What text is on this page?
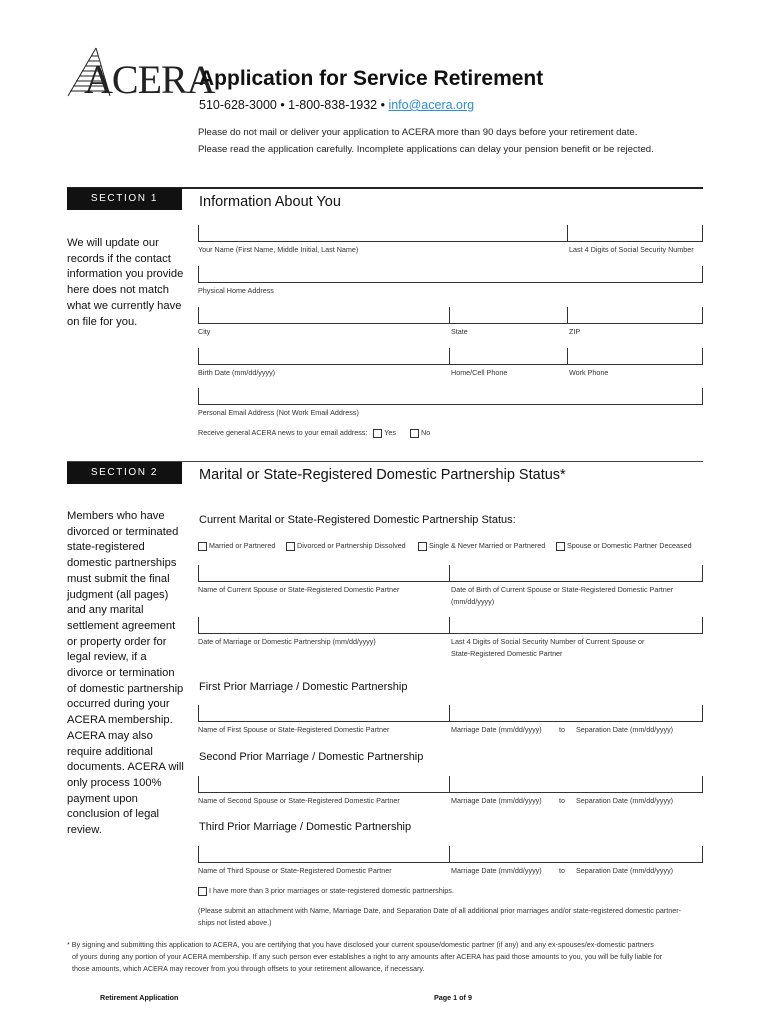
ACERA
Application for Service Retirement
510-628-3000 • 1-800-838-1932 • info@acera.org
Please do not mail or deliver your application to ACERA more than 90 days before your retirement date.
Please read the application carefully. Incomplete applications can delay your pension benefit or be rejected.
SECTION 1	Information About You
We will update our records if the contact information you provide here does not match what we currently have on file for you.
Your Name (First Name, Middle Initial, Last Name)	Last 4 Digits of Social Security Number
Physical Home Address
City	State	ZIP
Birth Date (mm/dd/yyyy)	Home/Cell Phone	Work Phone
Personal Email Address (Not Work Email Address)
Receive general ACERA news to your email address: Yes	No
SECTION 2	Marital or State-Registered Domestic Partnership Status*
Members who have divorced or terminated state-registered domestic partnerships must submit the final judgment (all pages) and any marital settlement agreement or property order for legal review, if a divorce or termination of domestic partnership occurred during your ACERA membership. ACERA may also require additional documents. ACERA will only process 100% payment upon conclusion of legal review.
Current Marital or State-Registered Domestic Partnership Status:
Married or Partnered	Divorced or Partnership Dissolved	Single & Never Married or Partnered	Spouse or Domestic Partner Deceased
Name of Current Spouse or State-Registered Domestic Partner	Date of Birth of Current Spouse or State-Registered Domestic Partner
(mm/dd/yyyy)
Date of Marriage or Domestic Partnership (mm/dd/yyyy)	Last 4 Digits of Social Security Number of Current Spouse or
State-Registered Domestic Partner
First Prior Marriage / Domestic Partnership
Name of First Spouse or State-Registered Domestic Partner	Marriage Date (mm/dd/yyyy) to Separation Date (mm/dd/yyyy)
Second Prior Marriage / Domestic Partnership
Name of Second Spouse or State-Registered Domestic Partner	Marriage Date (mm/dd/yyyy) to Separation Date (mm/dd/yyyy)
Third Prior Marriage / Domestic Partnership
Name of Third Spouse or State-Registered Domestic Partner	Marriage Date (mm/dd/yyyy) to Separation Date (mm/dd/yyyy)
I have more than 3 prior marriages or state-registered domestic partnerships.
(Please submit an attachment with Name, Marriage Date, and Separation Date of all additional prior marriages and/or state-registered domestic partner-
ships not listed above.)
* By signing and submitting this application to ACERA, you are certifying that you have disclosed your current spouse/domestic partner (if any) and any ex-spouses/ex-domestic partners
of yours during any portion of your ACERA membership. If any such person ever establishes a right to any amounts after ACERA has paid those amounts to you, you will be fully liable for
those amounts, which ACERA may recover from you through offsets to your retirement allowance, if necessary.
Retirement Application	Page 1 of 9
